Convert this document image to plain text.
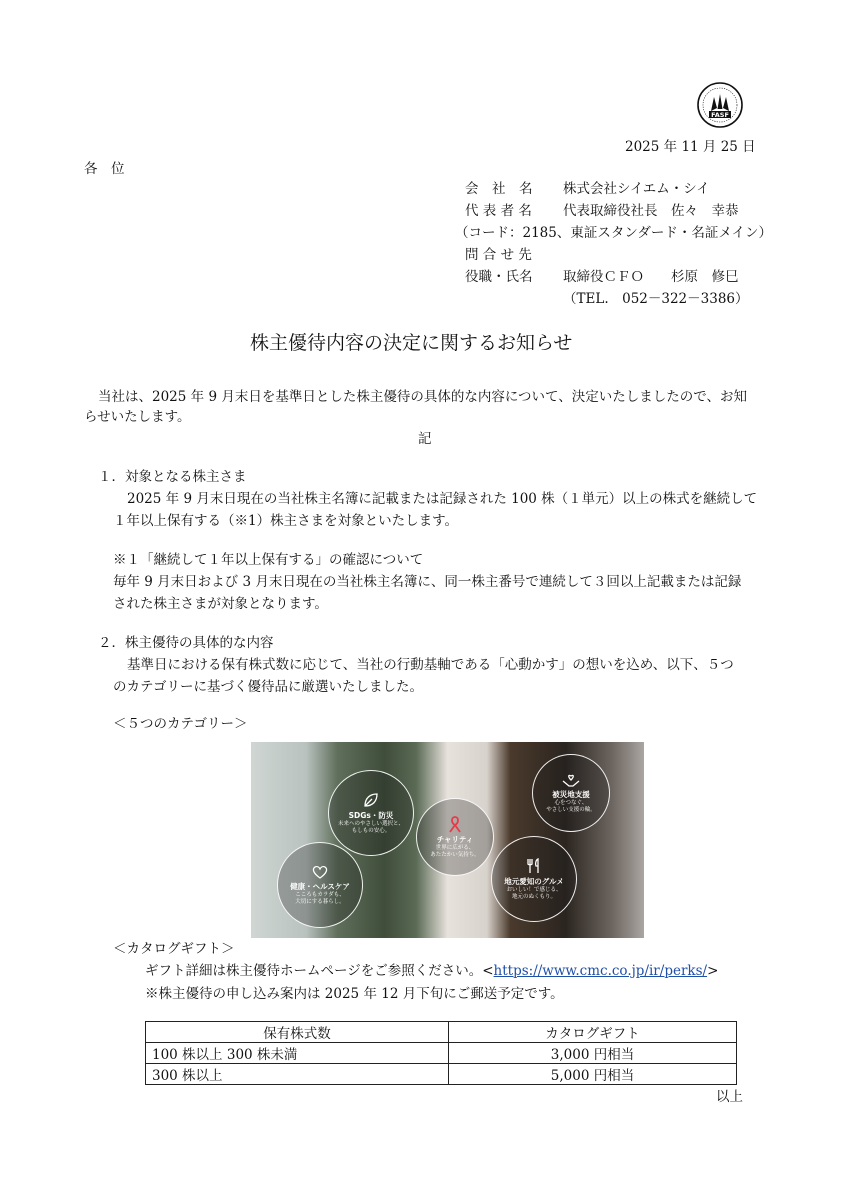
FASF
2025 年 11 月 25 日
各　位
会　社　名	株式会社シイエム・シイ
代 表 者 名	代表取締役社長　佐々　幸恭
（コード：2185、東証スタンダード・名証メイン）
問 合 せ 先
役職・氏名	取締役ＣＦＯ　　杉原　修巳
（TEL.　052－322－3386）
株主優待内容の決定に関するお知らせ
当社は、2025 年 9 月末日を基準日とした株主優待の具体的な内容について、決定いたしましたので、お知
らせいたします。
記
１．対象となる株主さま
2025 年 9 月末日現在の当社株主名簿に記載または記録された 100 株（１単元）以上の株式を継続して
１年以上保有する（※1）株主さまを対象といたします。
※１「継続して１年以上保有する」の確認について
毎年 9 月末日および 3 月末日現在の当社株主名簿に、同一株主番号で連続して３回以上記載または記録
された株主さまが対象となります。
２．株主優待の具体的な内容
基準日における保有株式数に応じて、当社の行動基軸である「心動かす」の想いを込め、以下、５つ
のカテゴリーに基づく優待品に厳選いたしました。
＜５つのカテゴリー＞
SDGs・防災
未来へのやさしい選択と、
もしもの安心。
チャリティ
世界に広がる、
あたたかい気持ち。
被災地支援
心をつなぐ、
やさしい支援の輪。
健康・ヘルスケア
こころもカラダも、
大切にする暮らし。
地元愛知のグルメ
おいしい！で感じる、
地元のぬくもり。
＜カタログギフト＞
ギフト詳細は株主優待ホームページをご参照ください。<https://www.cmc.co.jp/ir/perks/>
※株主優待の申し込み案内は 2025 年 12 月下旬にご郵送予定です。
保有株式数	カタログギフト
100 株以上 300 株未満	3,000 円相当
300 株以上	5,000 円相当
以上
